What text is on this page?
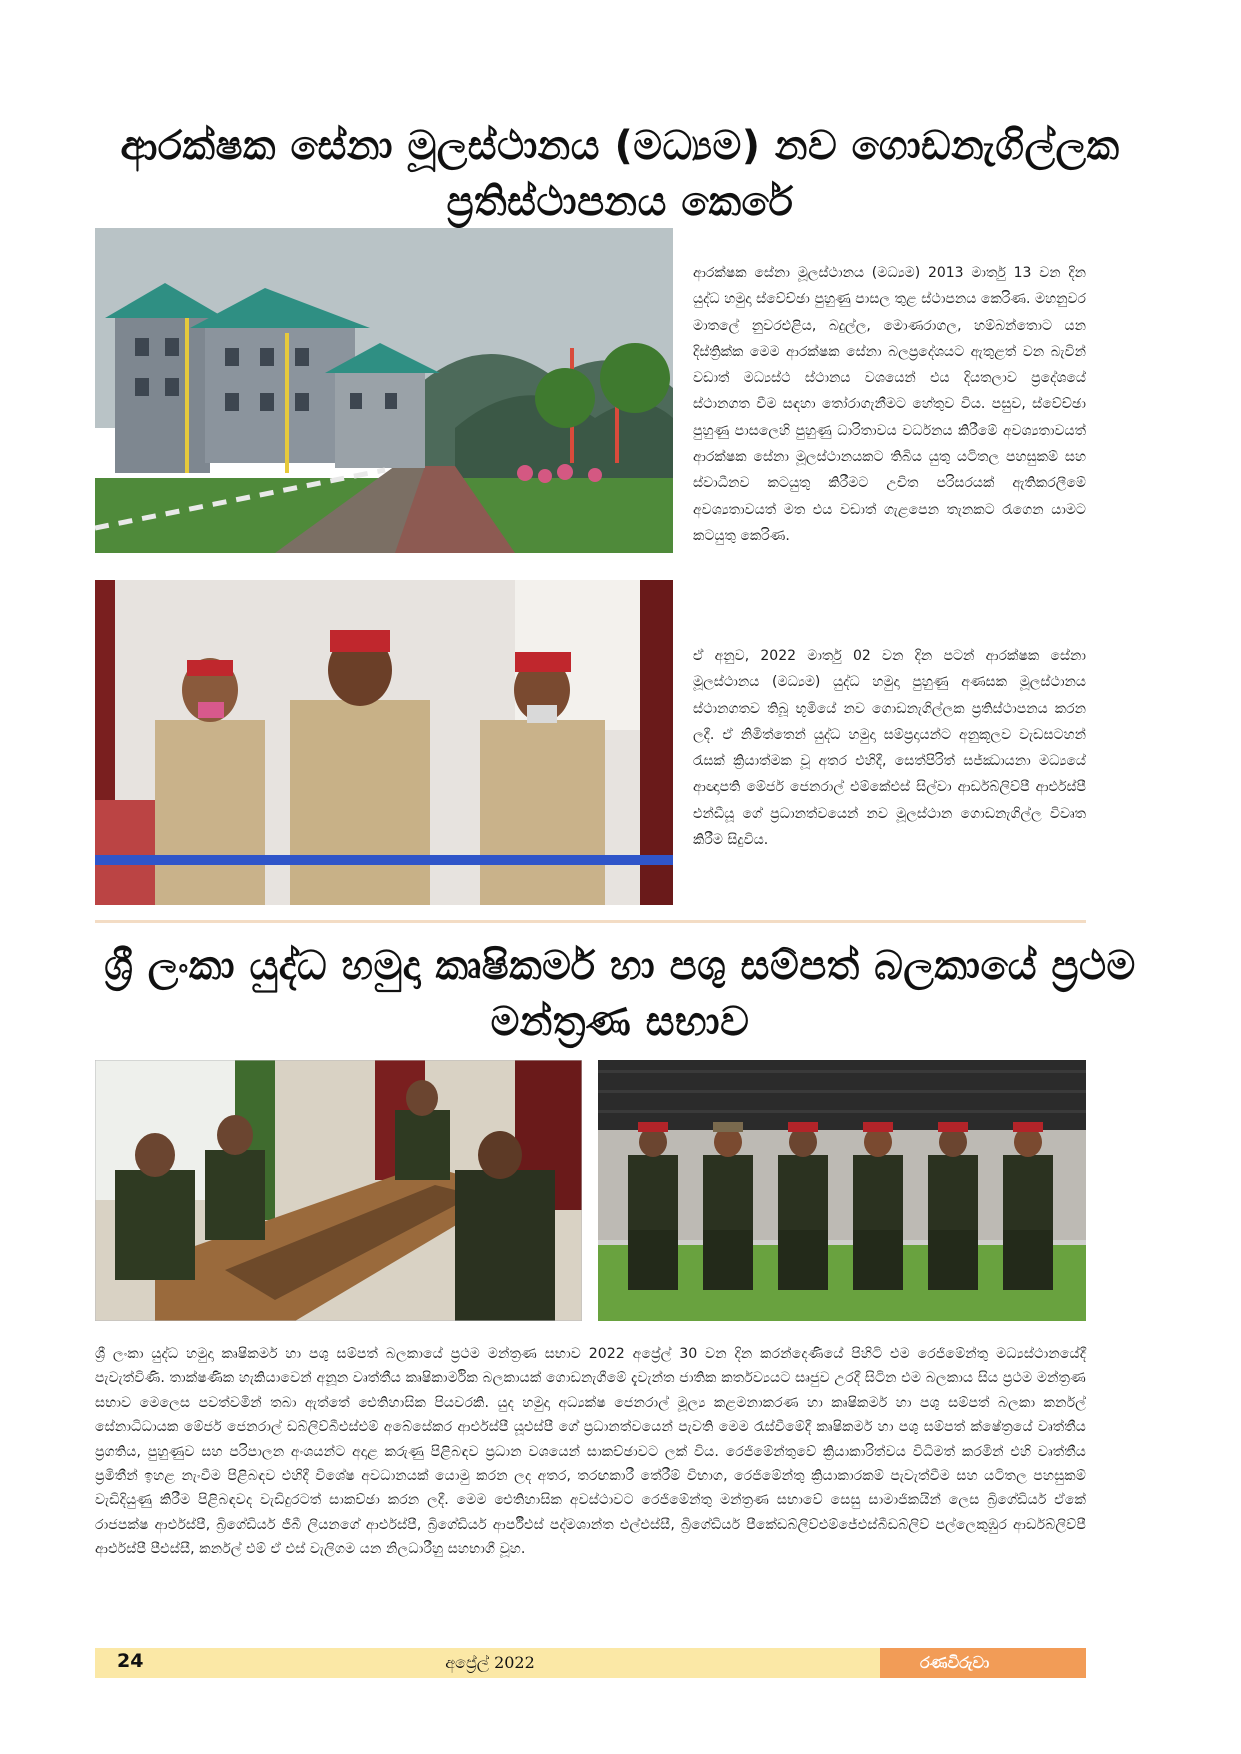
ආරක්ෂක සේනා මූලස්ථානය (මධ්‍යම) නව ගොඩනැගිල්ලක ප්‍රතිස්ථාපනය කෙරේ
ආරක්ෂක සේනා මූලස්ථානය (මධ්‍යම) 2013 මාර්තු 13 වන දින යුද්ධ හමුදා ස්වේච්ඡා පුහුණු පාසල තුළ ස්ථාපනය කෙරිණ. මහනුවර මාතලේ නුවරඑළිය, බදුල්ල, මොණරාගල, හම්බන්තොට යන දිස්ත්‍රික්ක මෙම ආරක්ෂක සේනා බලප්‍රදේශයට ඇතුළත් වන බැවින් වඩාත් මධ්‍යස්ථ ස්ථානය වශයෙන් එය දියතලාව ප්‍රදේශයේ ස්ථානගත වීම සඳහා තෝරාගැනීමට හේතුව විය. පසුව, ස්වේච්ඡා පුහුණු පාසලෙහි පුහුණු ධාරිතාවය වර්ධනය කිරීමේ අවශ්‍යතාවයත් ආරක්ෂක සේනා මූලස්ථානයකට තිබිය යුතු යටිතල පහසුකම් සහ ස්වාධීනව කටයුතු කිරීමට උචිත පරිසරයක් ඇතිකරලීමේ අවශ්‍යතාවයත් මත එය වඩාත් ගැළපෙන තැනකට රැගෙන යාමට කටයුතු කෙරිණ.
ඒ අනුව, 2022 මාර්තු 02 වන දින පටන් ආරක්ෂක සේනා මූලස්ථානය (මධ්‍යම) යුද්ධ හමුදා පුහුණු අණසක මූලස්ථානය ස්ථානගතව තිබූ භූමියේ නව ගොඩනැගිල්ලක ප්‍රතිස්ථාපනය කරන ලදී. ඒ නිමිත්තෙන් යුද්ධ හමුදා සම්ප්‍රදායන්ට අනුකූලව වැඩසටහන් රැසක් ක්‍රියාත්මක වූ අතර එහිදී, සෙත්පිරිත් සජ්ඣායනා මධ්‍යයේ ආඥාපති මේජර් ජෙනරාල් එම්කේඑස් සිල්වා ආර්ඩබ්ලිව්පී ආර්එස්පී එන්ඩීයූ ගේ ප්‍රධානත්වයෙන් නව මූලස්ථාන ගොඩනැගිල්ල විවෘත කිරීම සිදුවිය.
ශ්‍රී ලංකා යුද්ධ හමුදා කෘෂිකර්ම හා පශු සම්පත් බලකායේ ප්‍රථම මන්ත්‍රණ සභාව
ශ්‍රී ලංකා යුද්ධ හමුදා කෘෂිකර්ම හා පශු සම්පත් බලකායේ ප්‍රථම මන්ත්‍රණ සභාව 2022 අප්‍රේල් 30 වන දින කරන්දෙණියේ පිහිටි එම රෙජිමේන්තු මධ්‍යස්ථානයේදී පැවැත්විණි. තාක්ෂණික හැකියාවෙන් අනූන වෘත්තීය කෘෂිකාර්මික බලකායක් ගොඩනැගීමේ දැවැන්ත ජාතික කර්තව්‍යයට සෘජුව උරදී සිටින එම බලකාය සිය ප්‍රථම මන්ත්‍රණ සභාව මෙලෙස පවත්වමින් තබා ඇත්තේ ඓතිහාසික පියවරකි. යුද හමුදා අධ්‍යක්ෂ ජෙනරාල් මූල්‍ය කළමනාකරණ හා කෘෂිකර්ම හා පශු සම්පත් බලකා කර්නල් සේනාධිධායක මේජර් ජෙනරාල් ඩබ්ලිව්බීඑස්එම් අබේසේකර ආර්එස්පී යූඑස්පී ගේ ප්‍රධානත්වයෙන් පැවති මෙම රැස්වීමේදී කෘෂිකර්ම හා පශු සම්පත් ක්ෂේත්‍රයේ වෘත්තීය ප්‍රගතිය, පුහුණුව සහ පරිපාලන අංශයන්ට අදාළ කරුණු පිළිබඳව ප්‍රධාන වශයෙන් සාකච්ඡාවට ලක් විය. රෙජිමේන්තුවේ ක්‍රියාකාරිත්වය විධිමත් කරමින් එහි වෘත්තීය ප්‍රමිතීන් ඉහළ නැංවීම පිළිබඳව එහිදී විශේෂ අවධානයක් යොමු කරන ලද අතර, තරඟකාරී තේරීම් විභාග, රෙජිමේන්තු ක්‍රියාකාරකම් පැවැත්වීම සහ යටිතල පහසුකම් වැඩිදියුණු කිරීම පිළිබඳවද වැඩිදුරටත් සාකච්ඡා කරන ලදී. මෙම ඓතිහාසික අවස්ථාවට රෙජිමේන්තු මන්ත්‍රණ සභාවේ සෙසු සාමාජිකයින් ලෙස බ්‍රිගේඩියර් ඒකේ රාජපක්ෂ ආර්එස්පී, බ්‍රිගේඩියර් ජීබී ලියනගේ ආර්එස්පී, බ්‍රිගේඩියර් ආර්පීඑස් පද්මශාන්ත එල්එස්සී, බ්‍රිගේඩියර් පීකේඩබ්ලිව්එම්ජේඑස්බීඩබ්ලිව් පල්ලෙකුඹුර ආර්ඩබ්ලිව්පී ආර්එස්පී පීඑස්සී, කර්නල් එම් ඒ එස් වැලිගම යන නිලධාරීහු සහභාගී වූහ.
24	අප්‍රේල් 2022	රණවිරුවා
